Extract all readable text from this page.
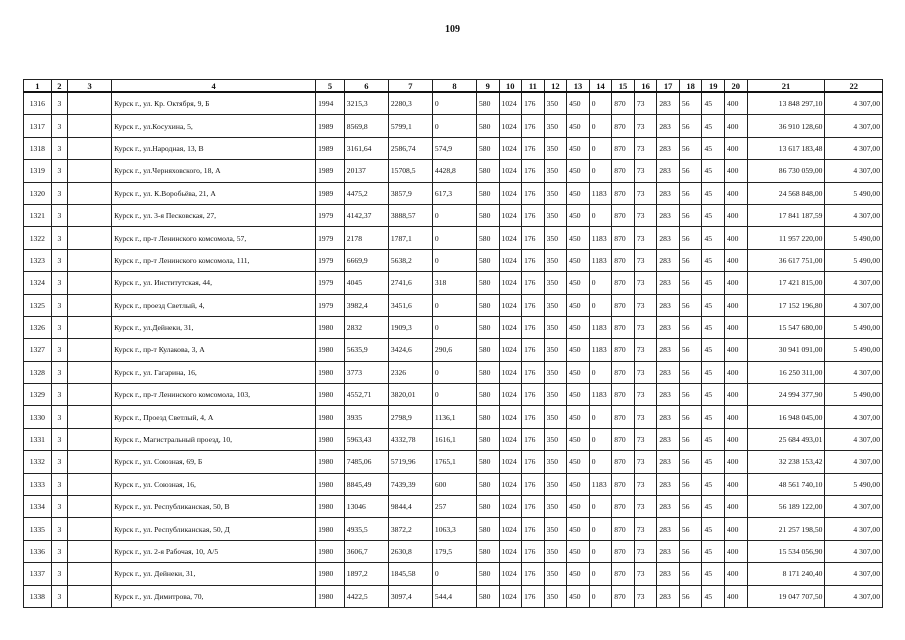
109
1	2	3	4	5	6	7	8	9	10	11	12	13	14	15	16	17	18	19	20	21	22
1316	3		Курск г., ул. Кр. Октября, 9, Б	1994	3215,3	2280,3	0	580	1024	176	350	450	0	870	73	283	56	45	400	13 848 297,10	4 307,00
1317	3		Курск г., ул.Косухина, 5,	1989	8569,8	5799,1	0	580	1024	176	350	450	0	870	73	283	56	45	400	36 910 128,60	4 307,00
1318	3		Курск г., ул.Народная, 13, В	1989	3161,64	2586,74	574,9	580	1024	176	350	450	0	870	73	283	56	45	400	13 617 183,48	4 307,00
1319	3		Курск г., ул.Черняховского, 18, А	1989	20137	15708,5	4428,8	580	1024	176	350	450	0	870	73	283	56	45	400	86 730 059,00	4 307,00
1320	3		Курск г., ул. К.Воробьёва, 21, А	1989	4475,2	3857,9	617,3	580	1024	176	350	450	1183	870	73	283	56	45	400	24 568 848,00	5 490,00
1321	3		Курск г., ул. 3-я Песковская, 27,	1979	4142,37	3888,57	0	580	1024	176	350	450	0	870	73	283	56	45	400	17 841 187,59	4 307,00
1322	3		Курск г., пр-т Ленинского комсомола, 57,	1979	2178	1787,1	0	580	1024	176	350	450	1183	870	73	283	56	45	400	11 957 220,00	5 490,00
1323	3		Курск г., пр-т Ленинского комсомола, 111,	1979	6669,9	5638,2	0	580	1024	176	350	450	1183	870	73	283	56	45	400	36 617 751,00	5 490,00
1324	3		Курск г., ул. Институтская, 44,	1979	4045	2741,6	318	580	1024	176	350	450	0	870	73	283	56	45	400	17 421 815,00	4 307,00
1325	3		Курск г., проезд Светлый, 4,	1979	3982,4	3451,6	0	580	1024	176	350	450	0	870	73	283	56	45	400	17 152 196,80	4 307,00
1326	3		Курск г., ул.Дейнеки, 31,	1980	2832	1909,3	0	580	1024	176	350	450	1183	870	73	283	56	45	400	15 547 680,00	5 490,00
1327	3		Курск г., пр-т Кулакова, 3, А	1980	5635,9	3424,6	290,6	580	1024	176	350	450	1183	870	73	283	56	45	400	30 941 091,00	5 490,00
1328	3		Курск г., ул. Гагарина, 16,	1980	3773	2326	0	580	1024	176	350	450	0	870	73	283	56	45	400	16 250 311,00	4 307,00
1329	3		Курск г., пр-т Ленинского комсомола, 103,	1980	4552,71	3820,01	0	580	1024	176	350	450	1183	870	73	283	56	45	400	24 994 377,90	5 490,00
1330	3		Курск г., Проезд Светлый, 4, А	1980	3935	2798,9	1136,1	580	1024	176	350	450	0	870	73	283	56	45	400	16 948 045,00	4 307,00
1331	3		Курск г., Магистральный проезд, 10,	1980	5963,43	4332,78	1616,1	580	1024	176	350	450	0	870	73	283	56	45	400	25 684 493,01	4 307,00
1332	3		Курск г., ул. Союзная, 69, Б	1980	7485,06	5719,96	1765,1	580	1024	176	350	450	0	870	73	283	56	45	400	32 238 153,42	4 307,00
1333	3		Курск г., ул. Союзная, 16,	1980	8845,49	7439,39	600	580	1024	176	350	450	1183	870	73	283	56	45	400	48 561 740,10	5 490,00
1334	3		Курск г., ул. Республиканская, 50, В	1980	13046	9844,4	257	580	1024	176	350	450	0	870	73	283	56	45	400	56 189 122,00	4 307,00
1335	3		Курск г., ул. Республиканская, 50, Д	1980	4935,5	3872,2	1063,3	580	1024	176	350	450	0	870	73	283	56	45	400	21 257 198,50	4 307,00
1336	3		Курск г., ул. 2-я Рабочая, 10, А/5	1980	3606,7	2630,8	179,5	580	1024	176	350	450	0	870	73	283	56	45	400	15 534 056,90	4 307,00
1337	3		Курск г., ул. Дейнеки, 31,	1980	1897,2	1845,58	0	580	1024	176	350	450	0	870	73	283	56	45	400	8 171 240,40	4 307,00
1338	3		Курск г., ул. Димитрова, 70,	1980	4422,5	3097,4	544,4	580	1024	176	350	450	0	870	73	283	56	45	400	19 047 707,50	4 307,00
